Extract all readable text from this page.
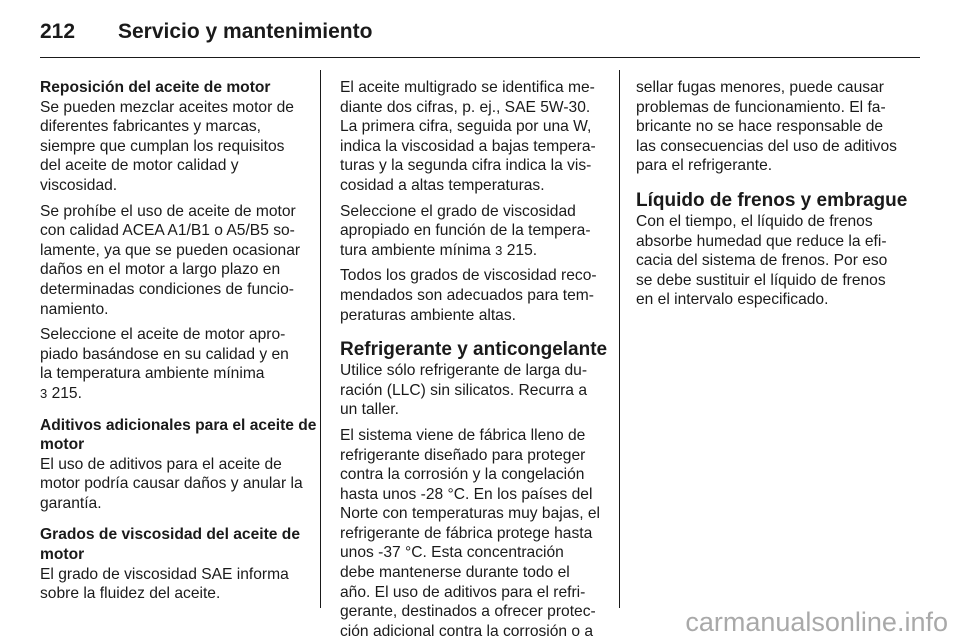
212 Servicio y mantenimiento
Reposición del aceite de motor
Se pueden mezclar aceites motor de
diferentes fabricantes y marcas,
siempre que cumplan los requisitos
del aceite de motor calidad y
viscosidad.
Se prohíbe el uso de aceite de motor
con calidad ACEA A1/B1 o A5/B5 so-
lamente, ya que se pueden ocasionar
daños en el motor a largo plazo en
determinadas condiciones de funcio-
namiento.
Seleccione el aceite de motor apro-
piado basándose en su calidad y en
la temperatura ambiente mínima
3 215.
Aditivos adicionales para el aceite de
motor
El uso de aditivos para el aceite de
motor podría causar daños y anular la
garantía.
Grados de viscosidad del aceite de
motor
El grado de viscosidad SAE informa
sobre la fluidez del aceite.
El aceite multigrado se identifica me-
diante dos cifras, p. ej., SAE 5W-30.
La primera cifra, seguida por una W,
indica la viscosidad a bajas tempera-
turas y la segunda cifra indica la vis-
cosidad a altas temperaturas.
Seleccione el grado de viscosidad
apropiado en función de la tempera-
tura ambiente mínima 3 215.
Todos los grados de viscosidad reco-
mendados son adecuados para tem-
peraturas ambiente altas.
Refrigerante y anticongelante
Utilice sólo refrigerante de larga du-
ración (LLC) sin silicatos. Recurra a
un taller.
El sistema viene de fábrica lleno de
refrigerante diseñado para proteger
contra la corrosión y la congelación
hasta unos -28 °C. En los países del
Norte con temperaturas muy bajas, el
refrigerante de fábrica protege hasta
unos -37 °C. Esta concentración
debe mantenerse durante todo el
año. El uso de aditivos para el refri-
gerante, destinados a ofrecer protec-
ción adicional contra la corrosión o a
sellar fugas menores, puede causar
problemas de funcionamiento. El fa-
bricante no se hace responsable de
las consecuencias del uso de aditivos
para el refrigerante.
Líquido de frenos y embrague
Con el tiempo, el líquido de frenos
absorbe humedad que reduce la efi-
cacia del sistema de frenos. Por eso
se debe sustituir el líquido de frenos
en el intervalo especificado.
carmanualsonline.info
